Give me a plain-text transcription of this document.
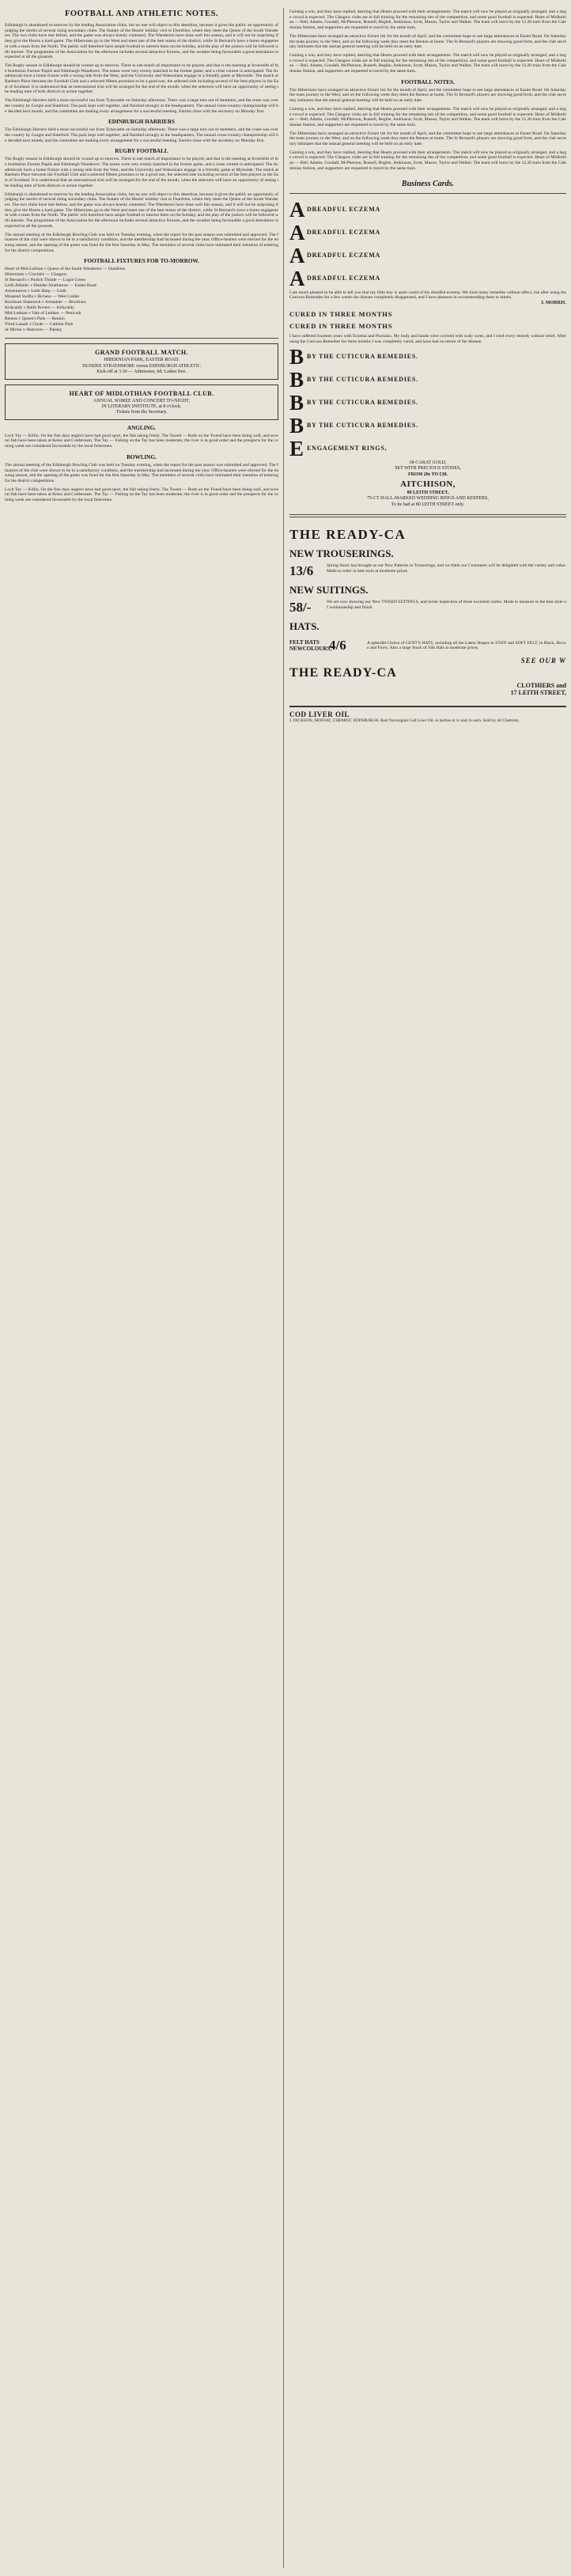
FOOTBALL AND ATHLETIC NOTES.

Edinburgh is abandoned to-morrow by the leading Association clubs, but no one will object to this desertion, because it gives the public an opportunity of judging the merits of several rising secondary clubs. The feature of the Hearts' holiday visit to Dumfries, where they meet the Queen of the South Wanderers. The two clubs have met before, and the game was always keenly contested. The Wanderers have done well this season, and it will not be surprising if they give the Hearts a hard game. The Hibernians go to the West and meet one of the best teams of the district, while St Bernard's have a home engagement with a team from the North. The public will therefore have ample football to interest them on the holiday, and the play of the juniors will be followed with interest. The programme of the Association for the afternoon includes several attractive fixtures, and the weather being favourable a good attendance is expected at all the grounds.

The Rugby season in Edinburgh should be wound up to-morrow. There is one match of importance to be played, and that is the meeting at Inverleith of the Institution Former Pupils and Edinburgh Wanderers. The teams were very evenly matched in the former game, and a close contest is anticipated. The Academicals have a home fixture with a strong side from the West, and the University and Watsonians engage in a friendly game at Myreside. The match at Raeburn Place between the Football Club and a selected fifteen promises to be a good one, the selected side including several of the best players in the East of Scotland. It is understood that an international trial will be arranged for the end of the month, when the selectors will have an opportunity of seeing the leading men of both districts in action together.

The Edinburgh Harriers held a most successful run from Tynecastle on Saturday afternoon. There was a large turn out of members, and the route was over the country by Gorgie and Slateford. The pack kept well together, and finished strongly at the headquarters. The annual cross-country championship will be decided next month, and the committee are making every arrangement for a successful meeting. Entries close with the secretary on Monday first.

EDINBURGH HARRIERS

The Edinburgh Harriers held a most successful run from Tynecastle on Saturday afternoon. There was a large turn out of members, and the route was over the country by Gorgie and Slateford. The pack kept well together, and finished strongly at the headquarters. The annual cross-country championship will be decided next month, and the committee are making every arrangement for a successful meeting. Entries close with the secretary on Monday first.

RUGBY FOOTBALL

The Rugby season in Edinburgh should be wound up to-morrow. There is one match of importance to be played, and that is the meeting at Inverleith of the Institution Former Pupils and Edinburgh Wanderers. The teams were very evenly matched in the former game, and a close contest is anticipated. The Academicals have a home fixture with a strong side from the West, and the University and Watsonians engage in a friendly game at Myreside. The match at Raeburn Place between the Football Club and a selected fifteen promises to be a good one, the selected side including several of the best players in the East of Scotland. It is understood that an international trial will be arranged for the end of the month, when the selectors will have an opportunity of seeing the leading men of both districts in action together.

Edinburgh is abandoned to-morrow by the leading Association clubs, but no one will object to this desertion, because it gives the public an opportunity of judging the merits of several rising secondary clubs. The feature of the Hearts' holiday visit to Dumfries, where they meet the Queen of the South Wanderers. The two clubs have met before, and the game was always keenly contested. The Wanderers have done well this season, and it will not be surprising if they give the Hearts a hard game. The Hibernians go to the West and meet one of the best teams of the district, while St Bernard's have a home engagement with a team from the North. The public will therefore have ample football to interest them on the holiday, and the play of the juniors will be followed with interest. The programme of the Association for the afternoon includes several attractive fixtures, and the weather being favourable a good attendance is expected at all the grounds.

The annual meeting of the Edinburgh Bowling Club was held on Tuesday evening, when the report for the past season was submitted and approved. The finances of the club were shown to be in a satisfactory condition, and the membership had increased during the year. Office-bearers were elected for the ensuing season, and the opening of the green was fixed for the first Saturday in May. The members of several clubs have intimated their intention of entering for the district competitions.

FOOTBALL FIXTURES FOR TO-MORROW.
Heart of Mid-Lothian v Queen of the South Wanderers — Dumfries
Hibernians v Cowlairs — Glasgow
St Bernard's v Partick Thistle — Logie Green
Leith Athletic v Dundee Strathmore — Easter Road
Adventurers v Leith Harp — Leith
Mossend Swifts v Bo'ness — West Calder
Broxburn Shamrock v Armadale — Broxburn
Kirkcaldy v Raith Rovers — Kirkcaldy
Mid-Lothian v Vale of Leithen — Penicuik
Renton v Queen's Park — Renton
Third Lanark v Clyde — Cathkin Park
St Mirren v Abercorn — Paisley
GRAND FOOTBALL MATCH.
HIBERNIAN PARK, EASTER ROAD.
DUNDEE STRATHMORE versus EDINBURGH ATHLETIC
Kick-off at 3.30 — Admission, 6d; Ladies free.
HEART OF MIDLOTHIAN FOOTBALL CLUB.
ANNUAL SOIREE AND CONCERT TO-NIGHT,
IN LITERARY INSTITUTE, at 8 o'clock.
Tickets from the Secretary.
ANGLING.

Loch Tay — Killin. On the fine days anglers have had good sport, the fish taking freely. The Tweed — Rods on the Tweed have been doing well, and several fish have been taken at Kelso and Coldstream. The Tay — Fishing on the Tay has been moderate; the river is in good order and the prospects for the coming week are considered favourable by the local fishermen.

BOWLING.

The annual meeting of the Edinburgh Bowling Club was held on Tuesday evening, when the report for the past season was submitted and approved. The finances of the club were shown to be in a satisfactory condition, and the membership had increased during the year. Office-bearers were elected for the ensuing season, and the opening of the green was fixed for the first Saturday in May. The members of several clubs have intimated their intention of entering for the district competitions.

Loch Tay — Killin. On the fine days anglers have had good sport, the fish taking freely. The Tweed — Rods on the Tweed have been doing well, and several fish have been taken at Kelso and Coldstream. The Tay — Fishing on the Tay has been moderate; the river is in good order and the prospects for the coming week are considered favourable by the local fishermen.

Gaining a win, and they have replied, desiring that Hearts proceed with their arrangements. The match will now be played as originally arranged, and a large crowd is expected. The Glasgow clubs are in full training for the remaining ties of the competition, and some good football is expected. Heart of Midlothian — Bell, Adams, Goodall, McPherson, Russell, Begbie, Jenkinson, Scott, Mason, Taylor and Walker. The team will leave by the 12.20 train from the Caledonian Station, and supporters are requested to travel by the same train.

The Hibernians have arranged an attractive fixture list for the month of April, and the committee hope to see large attendances at Easter Road. On Saturday the team journey to the West, and on the following week they meet the Renton at home. The St Bernard's players are showing good form, and the club secretary intimates that the annual general meeting will be held on an early date.

Gaining a win, and they have replied, desiring that Hearts proceed with their arrangements. The match will now be played as originally arranged, and a large crowd is expected. The Glasgow clubs are in full training for the remaining ties of the competition, and some good football is expected. Heart of Midlothian — Bell, Adams, Goodall, McPherson, Russell, Begbie, Jenkinson, Scott, Mason, Taylor and Walker. The team will leave by the 12.20 train from the Caledonian Station, and supporters are requested to travel by the same train.

FOOTBALL NOTES.

The Hibernians have arranged an attractive fixture list for the month of April, and the committee hope to see large attendances at Easter Road. On Saturday the team journey to the West, and on the following week they meet the Renton at home. The St Bernard's players are showing good form, and the club secretary intimates that the annual general meeting will be held on an early date.

Gaining a win, and they have replied, desiring that Hearts proceed with their arrangements. The match will now be played as originally arranged, and a large crowd is expected. The Glasgow clubs are in full training for the remaining ties of the competition, and some good football is expected. Heart of Midlothian — Bell, Adams, Goodall, McPherson, Russell, Begbie, Jenkinson, Scott, Mason, Taylor and Walker. The team will leave by the 12.20 train from the Caledonian Station, and supporters are requested to travel by the same train.

The Hibernians have arranged an attractive fixture list for the month of April, and the committee hope to see large attendances at Easter Road. On Saturday the team journey to the West, and on the following week they meet the Renton at home. The St Bernard's players are showing good form, and the club secretary intimates that the annual general meeting will be held on an early date.

Gaining a win, and they have replied, desiring that Hearts proceed with their arrangements. The match will now be played as originally arranged, and a large crowd is expected. The Glasgow clubs are in full training for the remaining ties of the competition, and some good football is expected. Heart of Midlothian — Bell, Adams, Goodall, McPherson, Russell, Begbie, Jenkinson, Scott, Mason, Taylor and Walker. The team will leave by the 12.20 train from the Caledonian Station, and supporters are requested to travel by the same train.

Business Cards.
A DREADFUL ECZEMA
A DREADFUL ECZEMA
A DREADFUL ECZEMA
A DREADFUL ECZEMA

I am much pleased to be able to tell you that my little boy is quite cured of his dreadful eczema. We tried many remedies without effect, but after using the Cuticura Remedies for a few weeks the disease completely disappeared, and I have pleasure in recommending them to others.

J. MORRIS.
CURED IN THREE MONTHS
CURED IN THREE MONTHS

I have suffered fourteen years with Eczema and Psoriasis. My body and hands were covered with scaly sores, and I tried every remedy without relief. After using the Cuticura Remedies for three months I was completely cured, and have had no return of the disease.

B BY THE CUTICURA REMEDIES.
B BY THE CUTICURA REMEDIES.
B BY THE CUTICURA REMEDIES.
B BY THE CUTICURA REMEDIES.
E ENGAGEMENT RINGS,
18-CARAT GOLD,
SET WITH PRECIOUS STONES,
FROM 20s TO £30.
AITCHISON,
80 LEITH STREET,
75-CT HALL-MARKED WEDDING RINGS AND KEEPERS,
To be had at 80 LEITH STREET only.
THE READY-CA
NEW TROUSERINGS.
13/6	Spring Stock has brought us our New Patterns in Trouserings, and we think our Customers will be delighted with the variety and value. Made to order in best style at moderate prices.

NEW SUITINGS.
58/-	We are now showing our New TWEED SUITINGS, and invite inspection of these excellent cloths. Made to measure in the best style of workmanship and finish.

HATS.
FELT HATS
NEWCOLOURS,
4/6	A splendid Choice of GENT'S HATS, including all the Latest Shapes in STIFF and SOFT FELT, in Black, Brown and Fawn. Also a large Stock of Silk Hats at moderate prices.

SEE OUR W
THE READY-CA
CLOTHIERS and
17 LEITH STREET,
COD LIVER OIL

J. DICKSON, MOFFAT, CHEMIST, EDINBURGH. Best Norwegian Cod Liver Oil, in bottles at 1s and 2s each. Sold by all Chemists.
